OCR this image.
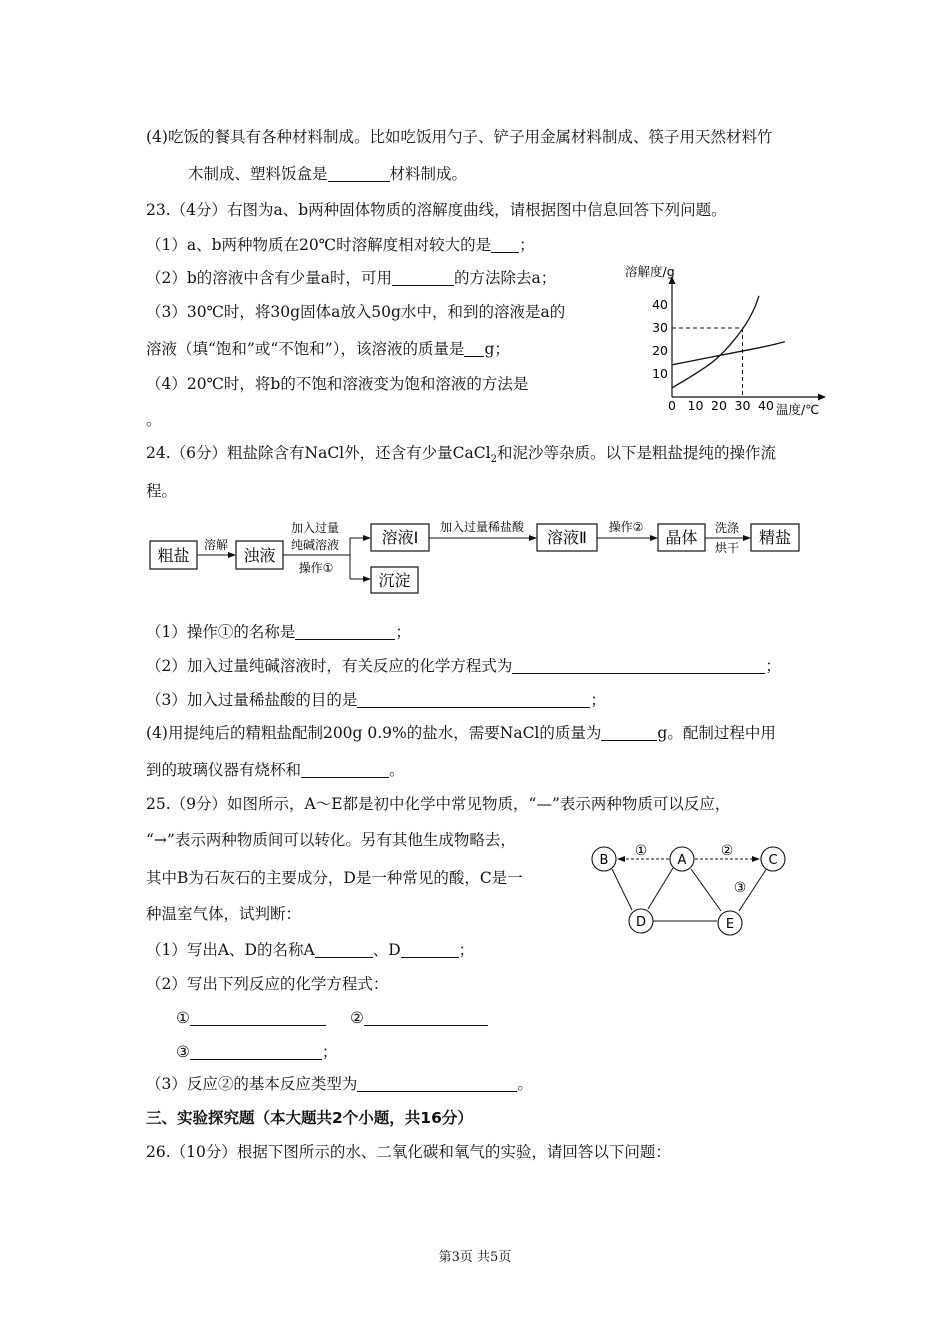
(4)吃饭的餐具有各种材料制成。比如吃饭用勺子、铲子用金属材料制成、筷子用天然材料竹
木制成、塑料饭盒是	材料制成。
23.（4分）右图为a、b两种固体物质的溶解度曲线，请根据图中信息回答下列问题。
（1）a、b两种物质在20℃时溶解度相对较大的是 ；
（2）b的溶液中含有少量a时，可用	的方法除去a；
（3）30℃时，将30g固体a放入50g水中，和到的溶液是a的
溶液（填“饱和”或“不饱和”），该溶液的质量是 g；
（4）20℃时，将b的不饱和溶液变为饱和溶液的方法是
。
溶解度/g
温度/℃
0 10 20 30 40
10
20
30
40
24.（6分）粗盐除含有NaCl外，还含有少量CaCl$_2$和泥沙等杂质。以下是粗盐提纯的操作流
程。
粗盐
溶解
浊液
加入过量
纯碱溶液
操作①
溶液Ⅰ
沉淀
加入过量稀盐酸
溶液Ⅱ
操作②
晶体 洗涤
烘干
精盐
（1）操作①的名称是	；
（2）加入过量纯碱溶液时，有关反应的化学方程式为	；
（3）加入过量稀盐酸的目的是	；
(4)用提纯后的精粗盐配制200g 0.9%的盐水，需要NaCl的质量为	g。配制过程中用
到的玻璃仪器有烧杯和	。
25.（9分）如图所示，A～E都是初中化学中常见物质，“—”表示两种物质可以反应，
“→”表示两种物质间可以转化。另有其他生成物略去，
其中B为石灰石的主要成分，D是一种常见的酸，C是一
种温室气体，试判断：
B	A	C
D	E
①	②
③
（1）写出A、D的名称A	、D	；
（2）写出下列反应的化学方程式：
①	②
③	；
（3）反应②的基本反应类型为	。
三、实验探究题（本大题共2个小题，共16分）
26.（10分）根据下图所示的水、二氧化碳和氧气的实验，请回答以下问题：
第3页 共5页
